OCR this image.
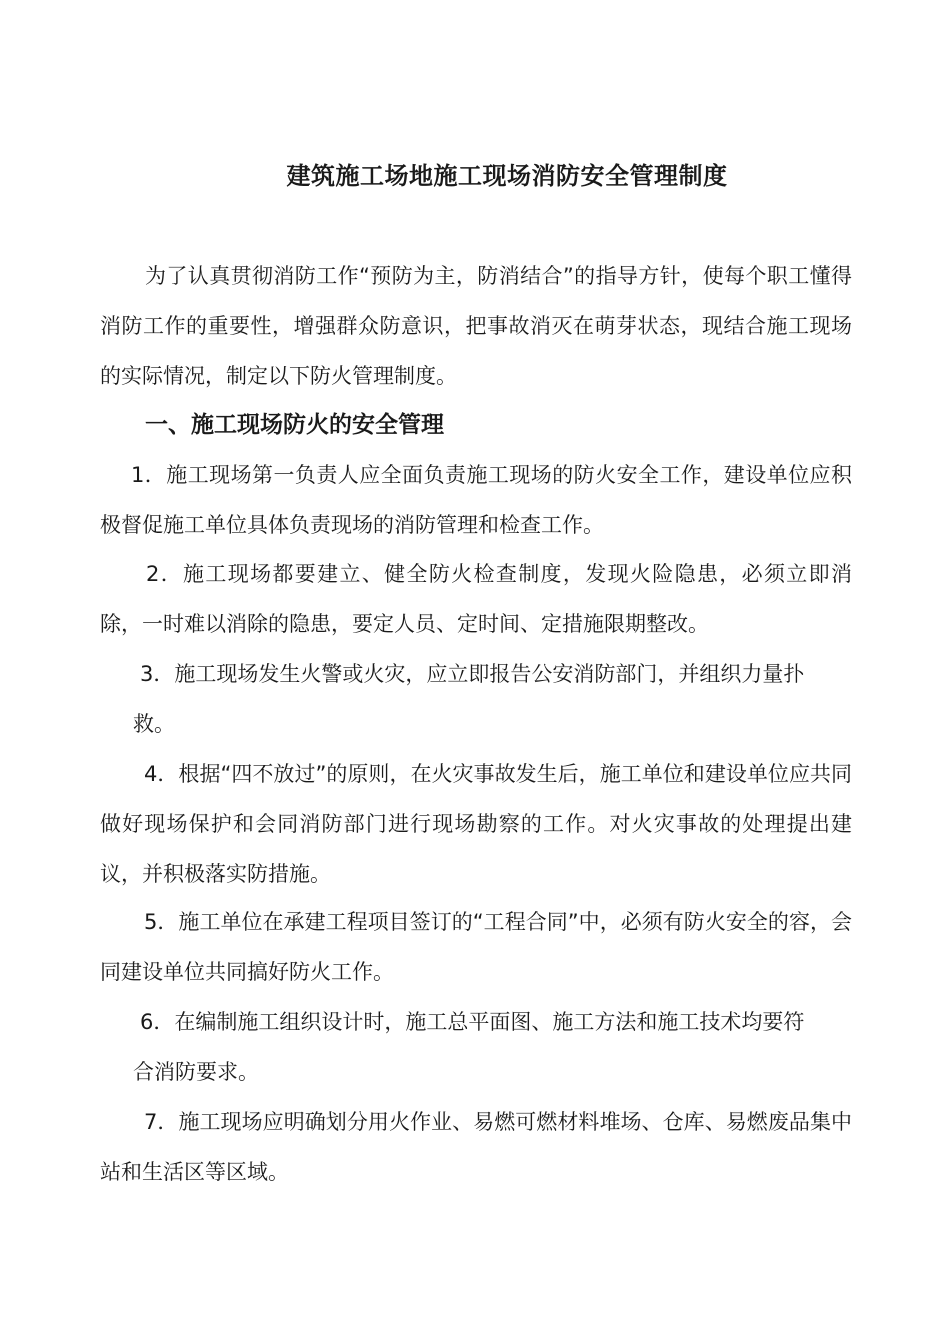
建筑施工场地施工现场消防安全管理制度

为了认真贯彻消防工作“预防为主，防消结合”的指导方针，使每个职工懂得消防工作的重要性，增强群众防意识，把事故消灭在萌芽状态，现结合施工现场的实际情况，制定以下防火管理制度。

一、施工现场防火的安全管理

1．施工现场第一负责人应全面负责施工现场的防火安全工作，建设单位应积极督促施工单位具体负责现场的消防管理和检查工作。

2．施工现场都要建立、健全防火检查制度，发现火险隐患，必须立即消除，一时难以消除的隐患，要定人员、定时间、定措施限期整改。

3．施工现场发生火警或火灾，应立即报告公安消防部门，并组织力量扑

救。

4．根据“四不放过”的原则，在火灾事故发生后，施工单位和建设单位应共同做好现场保护和会同消防部门进行现场勘察的工作。对火灾事故的处理提出建议，并积极落实防措施。

5．施工单位在承建工程项目签订的“工程合同”中，必须有防火安全的容，会同建设单位共同搞好防火工作。

6．在编制施工组织设计时，施工总平面图、施工方法和施工技术均要符

合消防要求。

7．施工现场应明确划分用火作业、易燃可燃材料堆场、仓库、易燃废品集中站和生活区等区域。
